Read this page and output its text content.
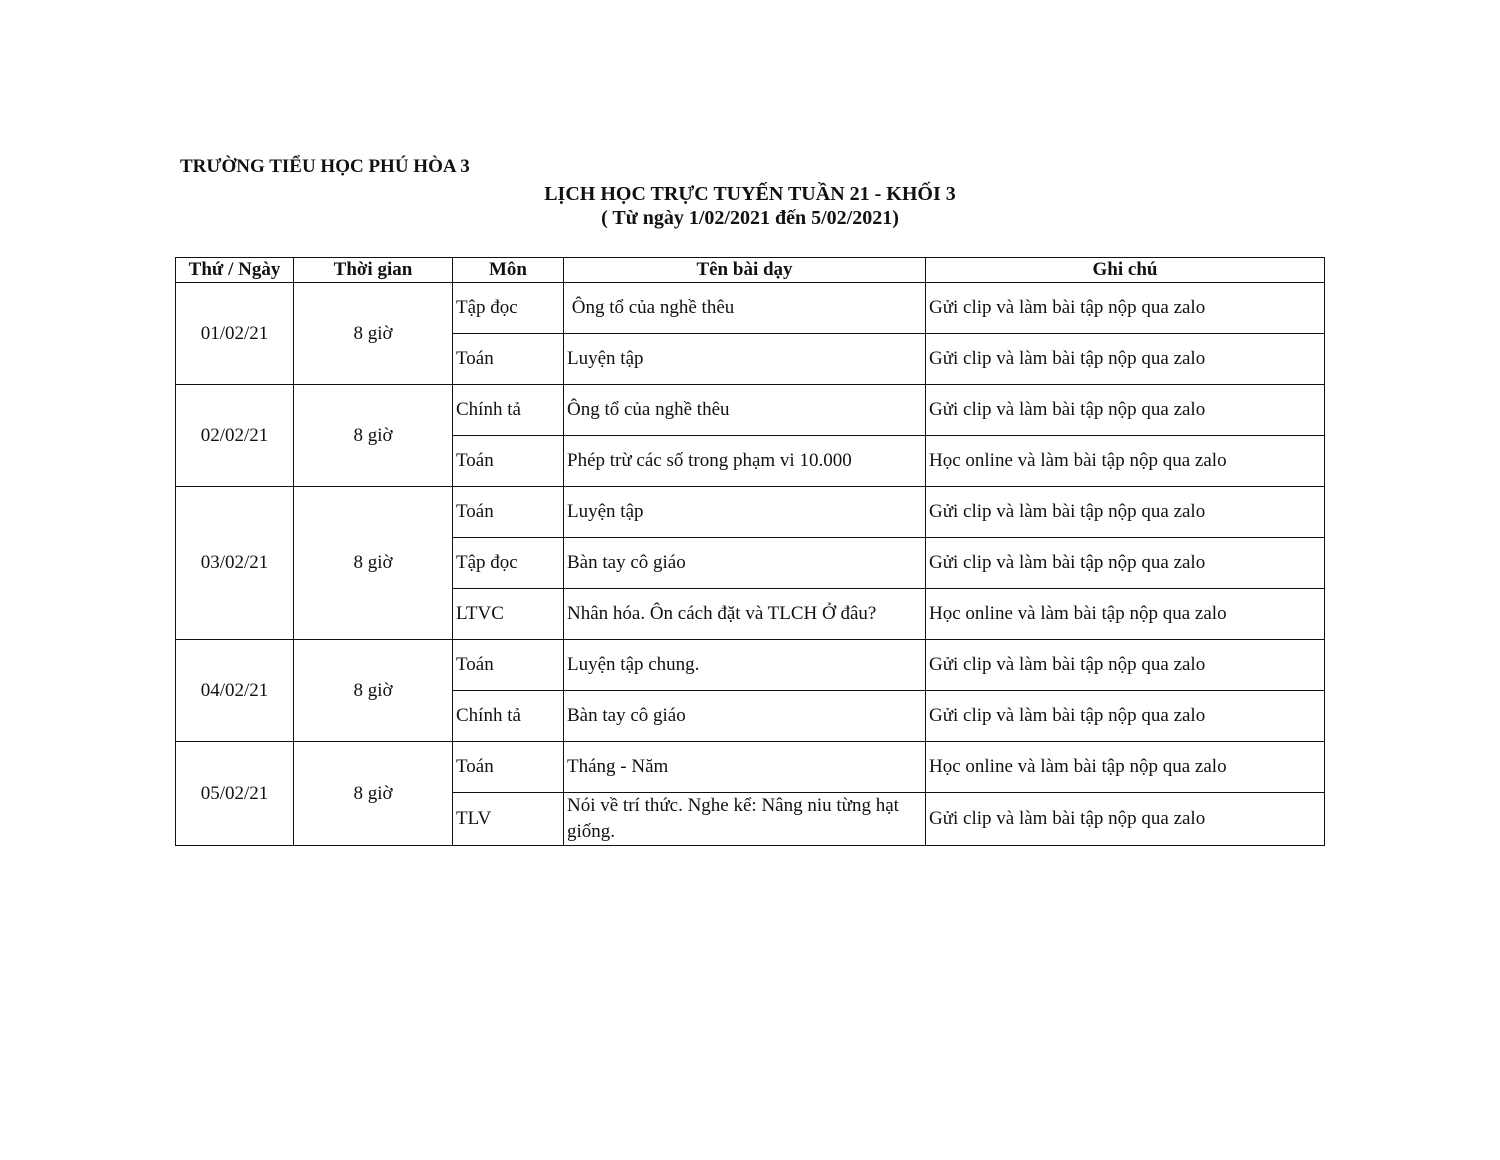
TRƯỜNG TIỂU HỌC PHÚ HÒA 3
LỊCH HỌC TRỰC TUYẾN TUẦN 21 - KHỐI 3
( Từ ngày 1/02/2021 đến 5/02/2021)
Thứ / Ngày	Thời gian	Môn	Tên bài dạy	Ghi chú
01/02/21	8 giờ	Tập đọc	Ông tổ của nghề thêu	Gửi clip và làm bài tập nộp qua zalo
		Toán	Luyện tập	Gửi clip và làm bài tập nộp qua zalo
02/02/21	8 giờ	Chính tả	Ông tổ của nghề thêu	Gửi clip và làm bài tập nộp qua zalo
		Toán	Phép trừ các số trong phạm vi 10.000	Học online và làm bài tập nộp qua zalo
03/02/21	8 giờ	Toán	Luyện tập	Gửi clip và làm bài tập nộp qua zalo
		Tập đọc	Bàn tay cô giáo	Gửi clip và làm bài tập nộp qua zalo
		LTVC	Nhân hóa. Ôn cách đặt và TLCH Ở đâu?	Học online và làm bài tập nộp qua zalo
04/02/21	8 giờ	Toán	Luyện tập chung.	Gửi clip và làm bài tập nộp qua zalo
		Chính tả	Bàn tay cô giáo	Gửi clip và làm bài tập nộp qua zalo
05/02/21	8 giờ	Toán	Tháng - Năm	Học online và làm bài tập nộp qua zalo
		TLV	Nói về trí thức. Nghe kể: Nâng niu từng hạt giống.	Gửi clip và làm bài tập nộp qua zalo
